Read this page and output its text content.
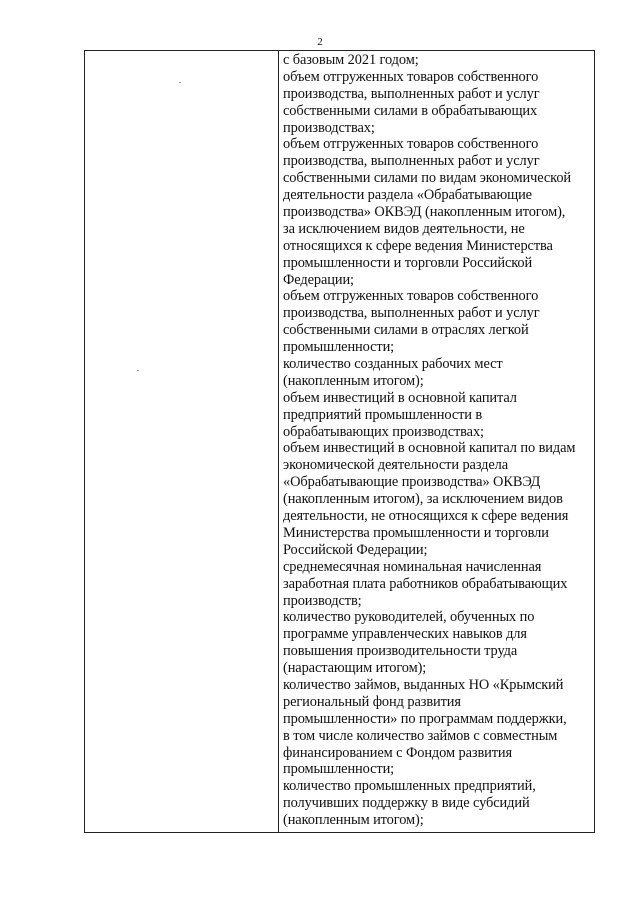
2
с базовым 2021 годом;
объем отгруженных товаров собственного
производства, выполненных работ и услуг
собственными силами в обрабатывающих
производствах;
объем отгруженных товаров собственного
производства, выполненных работ и услуг
собственными силами по видам экономической
деятельности раздела «Обрабатывающие
производства» ОКВЭД (накопленным итогом),
за исключением видов деятельности, не
относящихся к сфере ведения Министерства
промышленности и торговли Российской
Федерации;
объем отгруженных товаров собственного
производства, выполненных работ и услуг
собственными силами в отраслях легкой
промышленности;
количество созданных рабочих мест
(накопленным итогом);
объем инвестиций в основной капитал
предприятий промышленности в
обрабатывающих производствах;
объем инвестиций в основной капитал по видам
экономической деятельности раздела
«Обрабатывающие производства» ОКВЭД
(накопленным итогом), за исключением видов
деятельности, не относящихся к сфере ведения
Министерства промышленности и торговли
Российской Федерации;
среднемесячная номинальная начисленная
заработная плата работников обрабатывающих
производств;
количество руководителей, обученных по
программе управленческих навыков для
повышения производительности труда
(нарастающим итогом);
количество займов, выданных НО «Крымский
региональный фонд развития
промышленности» по программам поддержки,
в том числе количество займов с совместным
финансированием с Фондом развития
промышленности;
количество промышленных предприятий,
получивших поддержку в виде субсидий
(накопленным итогом);
